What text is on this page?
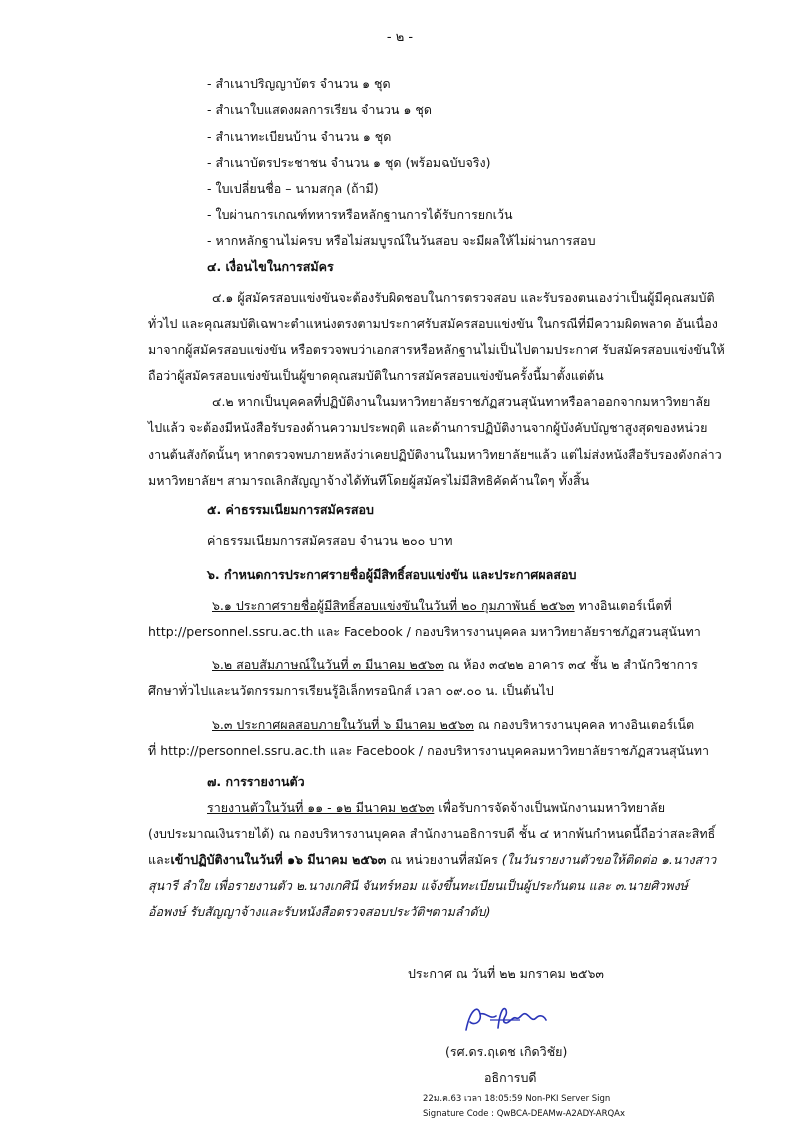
- ๒ -
- สำเนาปริญญาบัตร จำนวน ๑ ชุด
- สำเนาใบแสดงผลการเรียน จำนวน ๑ ชุด
- สำเนาทะเบียนบ้าน จำนวน ๑ ชุด
- สำเนาบัตรประชาชน จำนวน ๑ ชุด (พร้อมฉบับจริง)
- ใบเปลี่ยนชื่อ – นามสกุล (ถ้ามี)
- ใบผ่านการเกณฑ์ทหารหรือหลักฐานการได้รับการยกเว้น
- หากหลักฐานไม่ครบ หรือไม่สมบูรณ์ในวันสอบ จะมีผลให้ไม่ผ่านการสอบ
๔. เงื่อนไขในการสมัคร
๔.๑ ผู้สมัครสอบแข่งขันจะต้องรับผิดชอบในการตรวจสอบ และรับรองตนเองว่าเป็นผู้มีคุณสมบัติ
ทั่วไป และคุณสมบัติเฉพาะตำแหน่งตรงตามประกาศรับสมัครสอบแข่งขัน ในกรณีที่มีความผิดพลาด อันเนื่อง
มาจากผู้สมัครสอบแข่งขัน หรือตรวจพบว่าเอกสารหรือหลักฐานไม่เป็นไปตามประกาศ รับสมัครสอบแข่งขันให้
ถือว่าผู้สมัครสอบแข่งขันเป็นผู้ขาดคุณสมบัติในการสมัครสอบแข่งขันครั้งนี้มาตั้งแต่ต้น
๔.๒ หากเป็นบุคคลที่ปฏิบัติงานในมหาวิทยาลัยราชภัฏสวนสุนันทาหรือลาออกจากมหาวิทยาลัย
ไปแล้ว จะต้องมีหนังสือรับรองด้านความประพฤติ และด้านการปฏิบัติงานจากผู้บังคับบัญชาสูงสุดของหน่วย
งานต้นสังกัดนั้นๆ หากตรวจพบภายหลังว่าเคยปฏิบัติงานในมหาวิทยาลัยฯแล้ว แต่ไม่ส่งหนังสือรับรองดังกล่าว
มหาวิทยาลัยฯ สามารถเลิกสัญญาจ้างได้ทันทีโดยผู้สมัครไม่มีสิทธิคัดค้านใดๆ ทั้งสิ้น
๕. ค่าธรรมเนียมการสมัครสอบ
ค่าธรรมเนียมการสมัครสอบ จำนวน ๒๐๐ บาท
๖. กำหนดการประกาศรายชื่อผู้มีสิทธิ์สอบแข่งขัน และประกาศผลสอบ
๖.๑ ประกาศรายชื่อผู้มีสิทธิ์สอบแข่งขันในวันที่ ๒๐ กุมภาพันธ์ ๒๕๖๓ ทางอินเตอร์เน็ตที่
http://personnel.ssru.ac.th และ Facebook / กองบริหารงานบุคคล มหาวิทยาลัยราชภัฏสวนสุนันทา
๖.๒ สอบสัมภาษณ์ในวันที่ ๓ มีนาคม ๒๕๖๓ ณ ห้อง ๓๔๒๒ อาคาร ๓๔ ชั้น ๒ สำนักวิชาการ
ศึกษาทั่วไปและนวัตกรรมการเรียนรู้อิเล็กทรอนิกส์ เวลา ๐๙.๐๐ น. เป็นต้นไป
๖.๓ ประกาศผลสอบภายในวันที่ ๖ มีนาคม ๒๕๖๓ ณ กองบริหารงานบุคคล ทางอินเตอร์เน็ต
ที่ http://personnel.ssru.ac.th และ Facebook / กองบริหารงานบุคคลมหาวิทยาลัยราชภัฏสวนสุนันทา
๗. การรายงานตัว
รายงานตัวในวันที่ ๑๑ - ๑๒ มีนาคม ๒๕๖๓ เพื่อรับการจัดจ้างเป็นพนักงานมหาวิทยาลัย
(งบประมาณเงินรายได้) ณ กองบริหารงานบุคคล สำนักงานอธิการบดี ชั้น ๔ หากพ้นกำหนดนี้ถือว่าสละสิทธิ์
และเข้าปฏิบัติงานในวันที่ ๑๖ มีนาคม ๒๕๖๓ ณ หน่วยงานที่สมัคร (ในวันรายงานตัวขอให้ติดต่อ ๑.นางสาว
สุนารี ลำใย เพื่อรายงานตัว ๒.นางเกศินี จันทร์หอม แจ้งขึ้นทะเบียนเป็นผู้ประกันตน และ ๓.นายศิวพงษ์
อ้อพงษ์ รับสัญญาจ้างและรับหนังสือตรวจสอบประวัติฯตามลำดับ)
ประกาศ ณ วันที่ ๒๒ มกราคม ๒๕๖๓
(รศ.ดร.ฤเดช เกิดวิชัย)
อธิการบดี
22ม.ค.63 เวลา 18:05:59 Non-PKI Server Sign
Signature Code : QwBCA-DEAMw-A2ADY-ARQAx
